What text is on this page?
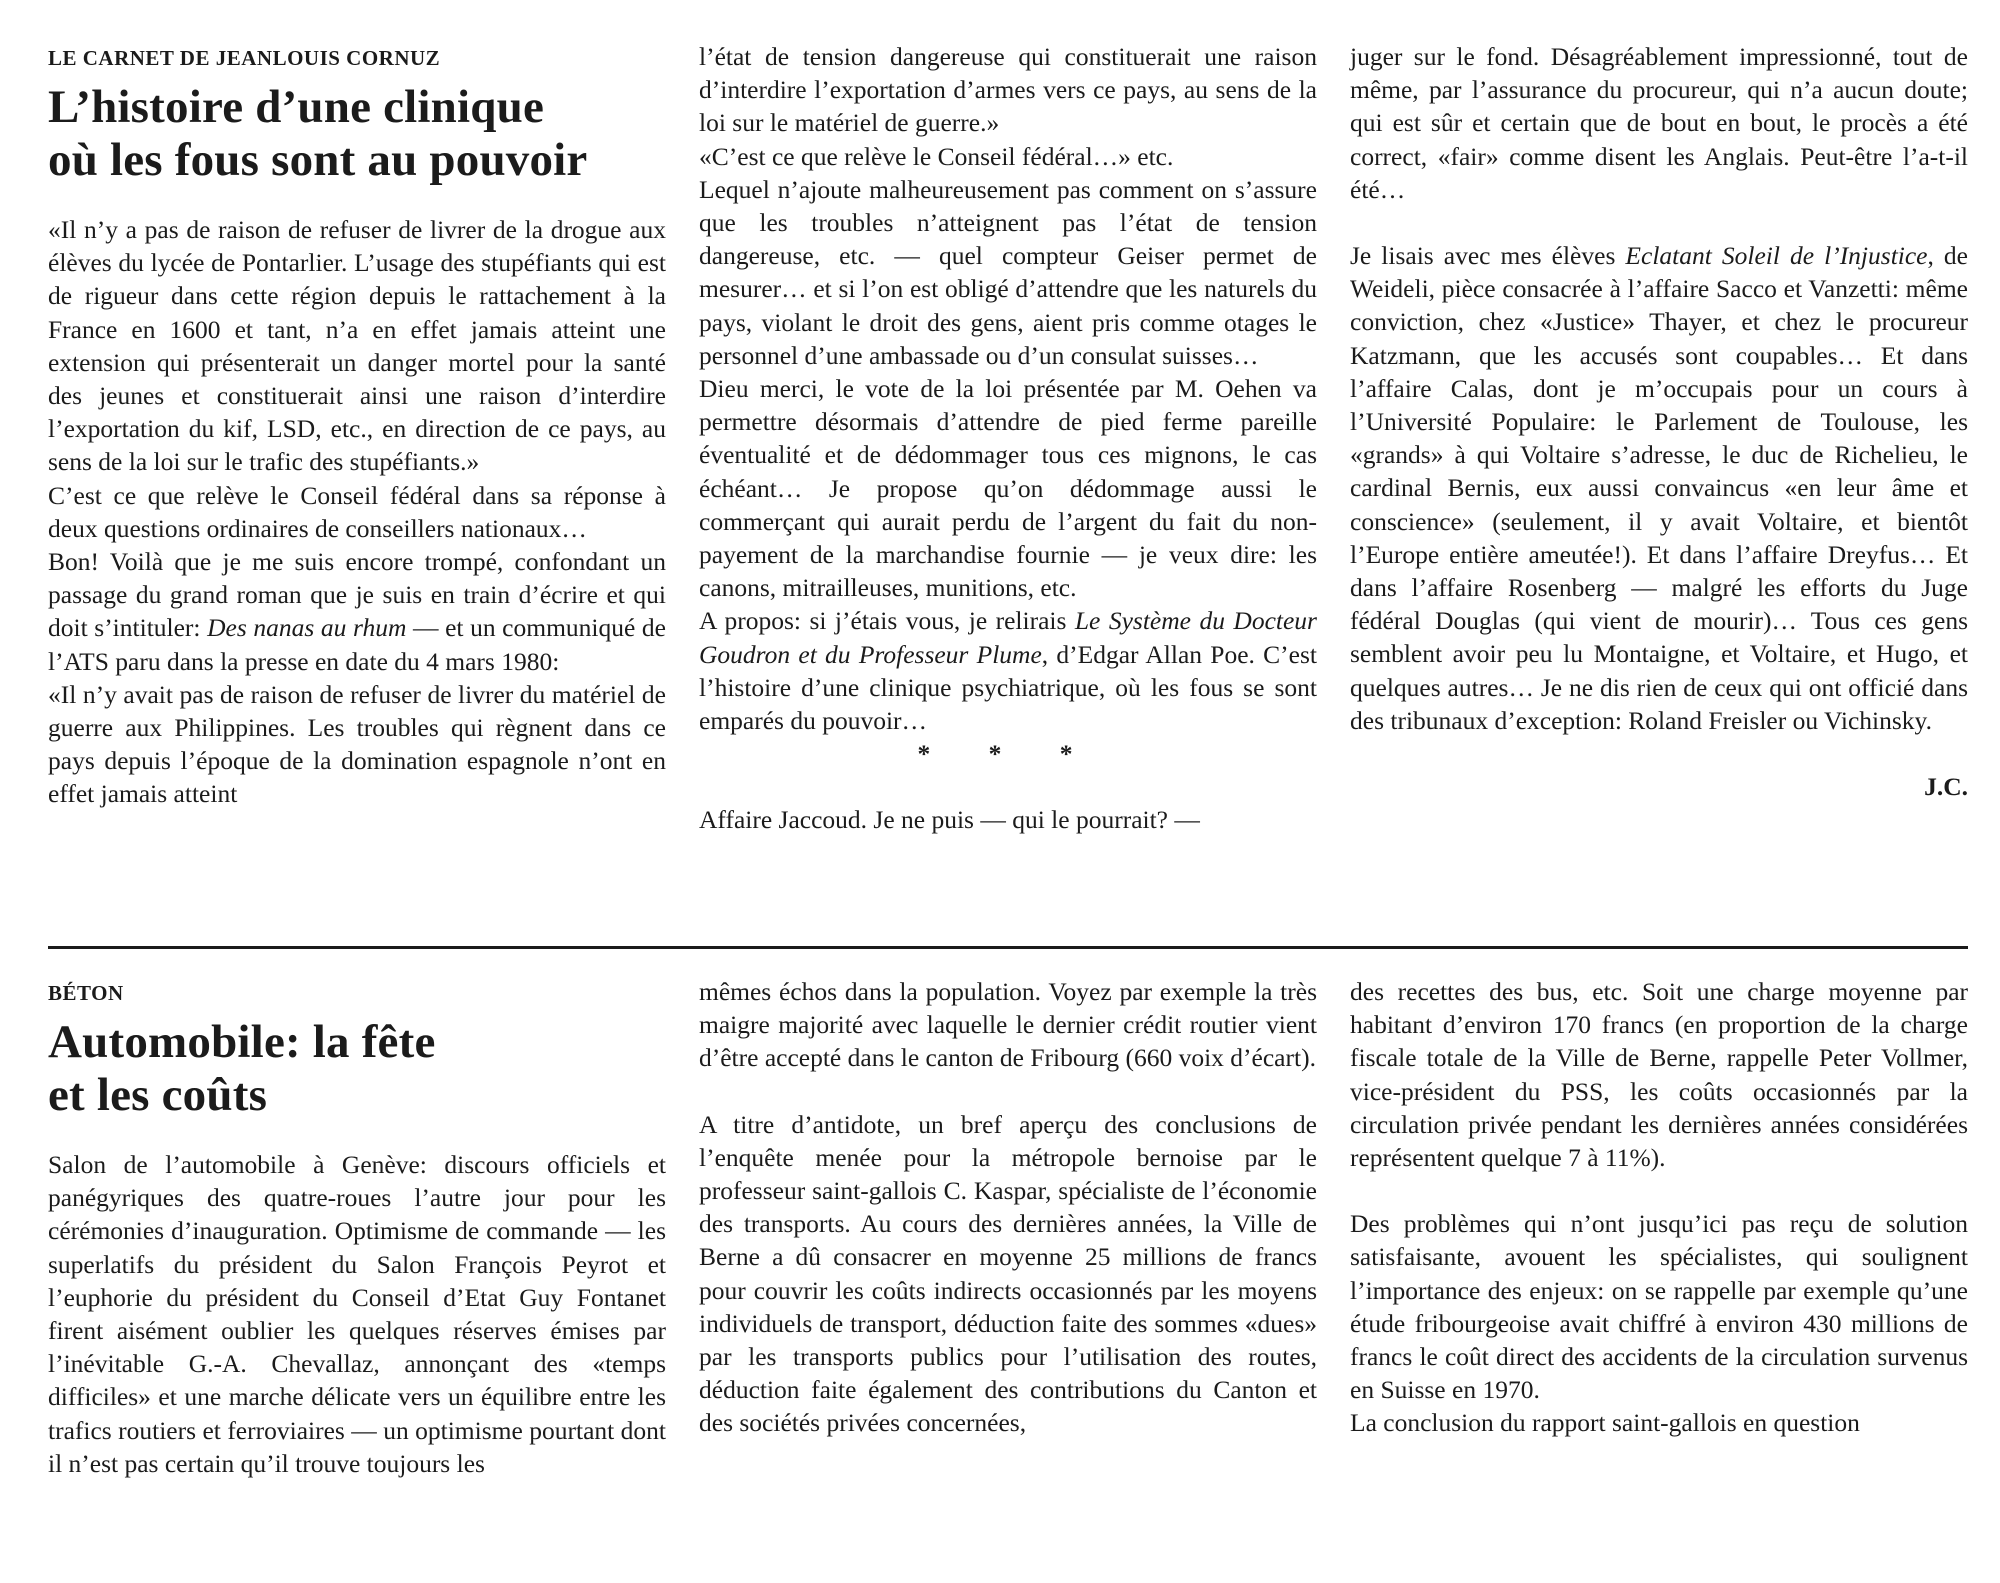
LE CARNET DE JEANLOUIS CORNUZ
L’histoire d’une clinique
où les fous sont au pouvoir

«Il n’y a pas de raison de refuser de livrer de la drogue aux élèves du lycée de Pontarlier. L’usage des stupéfiants qui est de rigueur dans cette région depuis le rattachement à la France en 1600 et tant, n’a en effet jamais atteint une extension qui présenterait un danger mortel pour la santé des jeunes et constituerait ainsi une raison d’interdire l’exportation du kif, LSD, etc., en direction de ce pays, au sens de la loi sur le trafic des stupéfiants.»

C’est ce que relève le Conseil fédéral dans sa réponse à deux questions ordinaires de conseillers nationaux…

Bon! Voilà que je me suis encore trompé, confondant un passage du grand roman que je suis en train d’écrire et qui doit s’intituler: Des nanas au rhum — et un communiqué de l’ATS paru dans la presse en date du 4 mars 1980:

«Il n’y avait pas de raison de refuser de livrer du matériel de guerre aux Philippines. Les troubles qui règnent dans ce pays depuis l’époque de la domination espagnole n’ont en effet jamais atteint

l’état de tension dangereuse qui constituerait une raison d’interdire l’exportation d’armes vers ce pays, au sens de la loi sur le matériel de guerre.»

«C’est ce que relève le Conseil fédéral…» etc.

Lequel n’ajoute malheureusement pas comment on s’assure que les troubles n’atteignent pas l’état de tension dangereuse, etc. — quel compteur Geiser permet de mesurer… et si l’on est obligé d’attendre que les naturels du pays, violant le droit des gens, aient pris comme otages le personnel d’une ambassade ou d’un consulat suisses…

Dieu merci, le vote de la loi présentée par M. Oehen va permettre désormais d’attendre de pied ferme pareille éventualité et de dédommager tous ces mignons, le cas échéant… Je propose qu’on dédommage aussi le commerçant qui aurait perdu de l’argent du fait du non-payement de la marchandise fournie — je veux dire: les canons, mitrailleuses, munitions, etc.

A propos: si j’étais vous, je relirais Le Système du Docteur Goudron et du Professeur Plume, d’Edgar Allan Poe. C’est l’histoire d’une clinique psychiatrique, où les fous se sont emparés du pouvoir…

* * *

Affaire Jaccoud. Je ne puis — qui le pourrait? —

juger sur le fond. Désagréablement impressionné, tout de même, par l’assurance du procureur, qui n’a aucun doute; qui est sûr et certain que de bout en bout, le procès a été correct, «fair» comme disent les Anglais. Peut-être l’a-t-il été…

Je lisais avec mes élèves Eclatant Soleil de l’Injustice, de Weideli, pièce consacrée à l’affaire Sacco et Vanzetti: même conviction, chez «Justice» Thayer, et chez le procureur Katzmann, que les accusés sont coupables… Et dans l’affaire Calas, dont je m’occupais pour un cours à l’Université Populaire: le Parlement de Toulouse, les «grands» à qui Voltaire s’adresse, le duc de Richelieu, le cardinal Bernis, eux aussi convaincus «en leur âme et conscience» (seulement, il y avait Voltaire, et bientôt l’Europe entière ameutée!). Et dans l’affaire Dreyfus… Et dans l’affaire Rosenberg — malgré les efforts du Juge fédéral Douglas (qui vient de mourir)… Tous ces gens semblent avoir peu lu Montaigne, et Voltaire, et Hugo, et quelques autres… Je ne dis rien de ceux qui ont officié dans des tribunaux d’exception: Roland Freisler ou Vichinsky.

J.C.

BÉTON
Automobile: la fête
et les coûts

Salon de l’automobile à Genève: discours officiels et panégyriques des quatre-roues l’autre jour pour les cérémonies d’inauguration. Optimisme de commande — les superlatifs du président du Salon François Peyrot et l’euphorie du président du Conseil d’Etat Guy Fontanet firent aisément oublier les quelques réserves émises par l’inévitable G.-A. Chevallaz, annonçant des «temps difficiles» et une marche délicate vers un équilibre entre les trafics routiers et ferroviaires — un optimisme pourtant dont il n’est pas certain qu’il trouve toujours les

mêmes échos dans la population. Voyez par exemple la très maigre majorité avec laquelle le dernier crédit routier vient d’être accepté dans le canton de Fribourg (660 voix d’écart).

A titre d’antidote, un bref aperçu des conclusions de l’enquête menée pour la métropole bernoise par le professeur saint-gallois C. Kaspar, spécialiste de l’économie des transports. Au cours des dernières années, la Ville de Berne a dû consacrer en moyenne 25 millions de francs pour couvrir les coûts indirects occasionnés par les moyens individuels de transport, déduction faite des sommes «dues» par les transports publics pour l’utilisation des routes, déduction faite également des contributions du Canton et des sociétés privées concernées,

des recettes des bus, etc. Soit une charge moyenne par habitant d’environ 170 francs (en proportion de la charge fiscale totale de la Ville de Berne, rappelle Peter Vollmer, vice-président du PSS, les coûts occasionnés par la circulation privée pendant les dernières années considérées représentent quelque 7 à 11%).

Des problèmes qui n’ont jusqu’ici pas reçu de solution satisfaisante, avouent les spécialistes, qui soulignent l’importance des enjeux: on se rappelle par exemple qu’une étude fribourgeoise avait chiffré à environ 430 millions de francs le coût direct des accidents de la circulation survenus en Suisse en 1970.

La conclusion du rapport saint-gallois en question
